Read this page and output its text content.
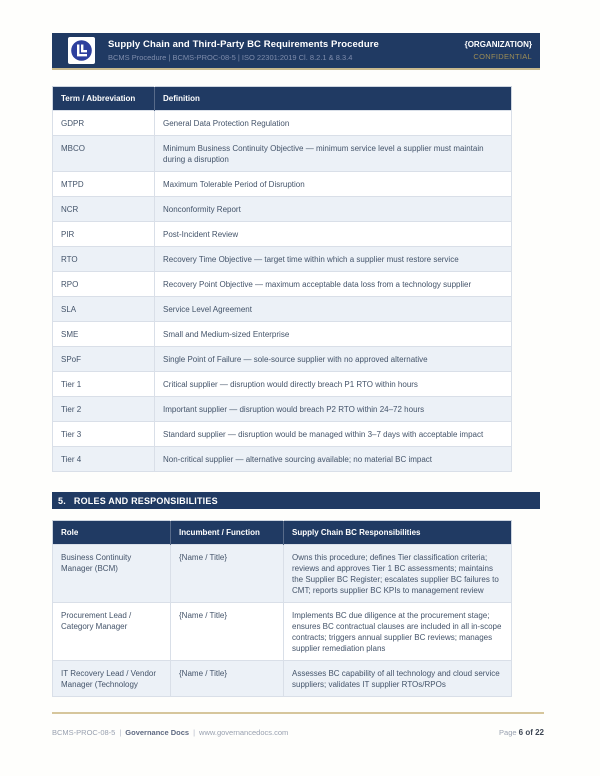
Supply Chain and Third-Party BC Requirements Procedure
BCMS Procedure | BCMS-PROC-08-5 | ISO 22301:2019 Cl. 8.2.1 & 8.3.4
{ORGANIZATION}
CONFIDENTIAL
Term / Abbreviation	Definition
GDPR	General Data Protection Regulation
MBCO	Minimum Business Continuity Objective — minimum service level a supplier must maintain during a disruption
MTPD	Maximum Tolerable Period of Disruption
NCR	Nonconformity Report
PIR	Post-Incident Review
RTO	Recovery Time Objective — target time within which a supplier must restore service
RPO	Recovery Point Objective — maximum acceptable data loss from a technology supplier
SLA	Service Level Agreement
SME	Small and Medium-sized Enterprise
SPoF	Single Point of Failure — sole-source supplier with no approved alternative
Tier 1	Critical supplier — disruption would directly breach P1 RTO within hours
Tier 2	Important supplier — disruption would breach P2 RTO within 24–72 hours
Tier 3	Standard supplier — disruption would be managed within 3–7 days with acceptable impact
Tier 4	Non-critical supplier — alternative sourcing available; no material BC impact
5. ROLES AND RESPONSIBILITIES
Role	Incumbent / Function	Supply Chain BC Responsibilities
Business Continuity Manager (BCM)	{Name / Title}	Owns this procedure; defines Tier classification criteria; reviews and approves Tier 1 BC assessments; maintains the Supplier BC Register; escalates supplier BC failures to CMT; reports supplier BC KPIs to management review
Procurement Lead / Category Manager	{Name / Title}	Implements BC due diligence at the procurement stage; ensures BC contractual clauses are included in all in-scope contracts; triggers annual supplier BC reviews; manages supplier remediation plans
IT Recovery Lead / Vendor Manager (Technology	{Name / Title}	Assesses BC capability of all technology and cloud service suppliers; validates IT supplier RTOs/RPOs
BCMS-PROC-08-5 | Governance Docs | www.governancedocs.com	Page 6 of 22
